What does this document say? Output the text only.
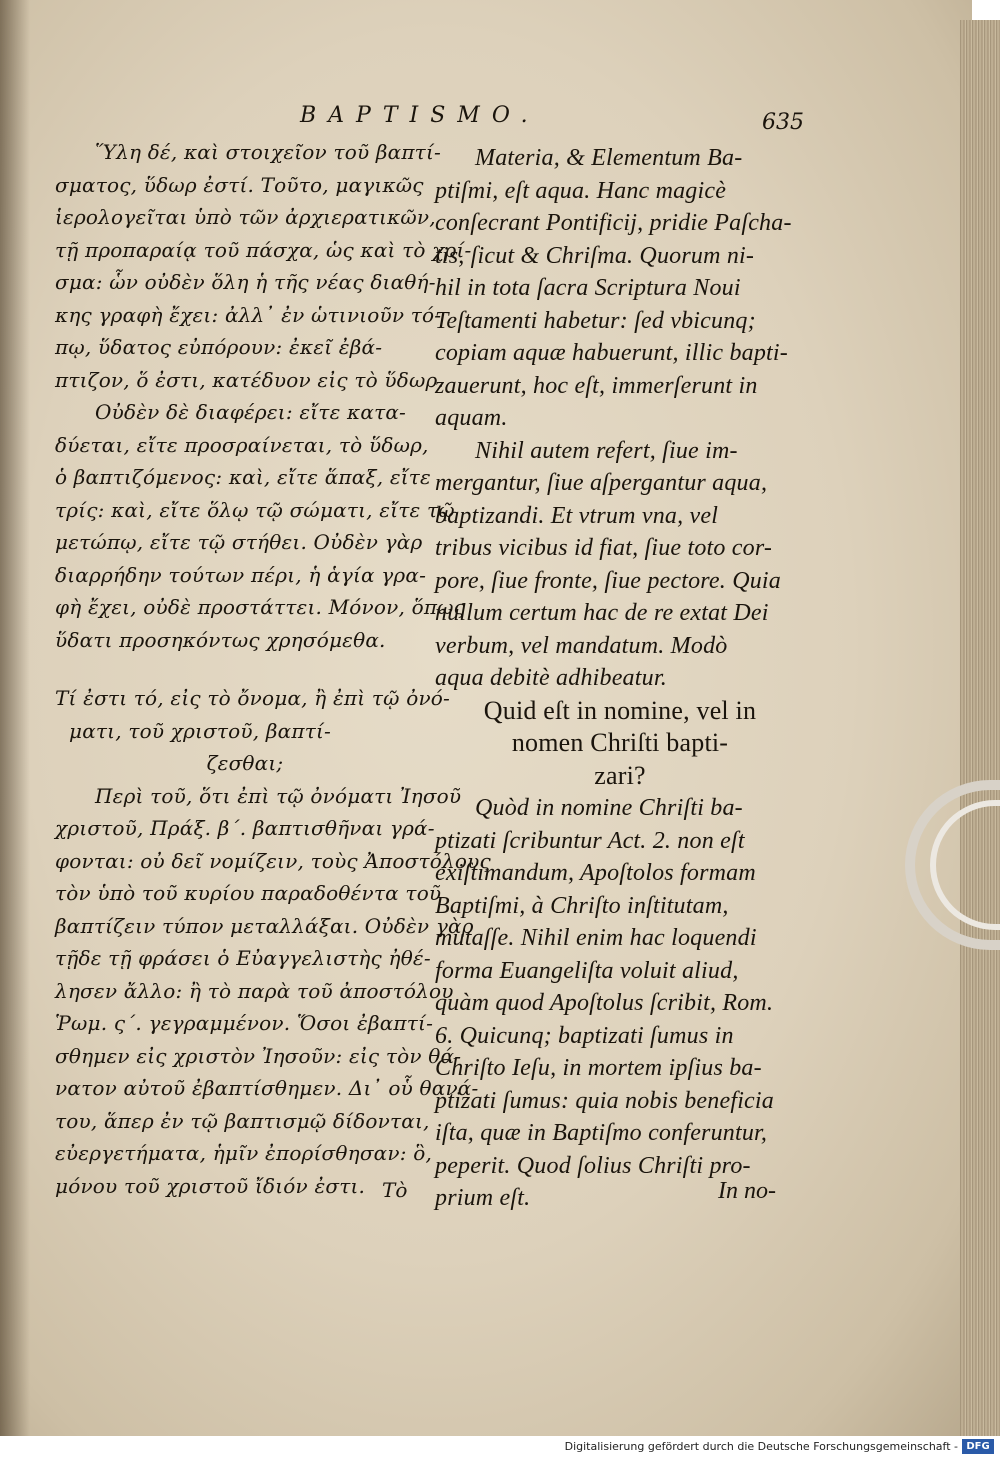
BAPTISMO.	635
Ὕλη δέ, καὶ στοιχεῖον τοῦ βαπτί-
σματος, ὕδωρ ἐστί. Τοῦτο, μαγικῶς
ἱερολογεῖται ὑπὸ τῶν ἀρχιερατικῶν,
τῇ προπαραίᾳ τοῦ πάσχα, ὡς καὶ τὸ χρί-
σμα: ὧν οὐδὲν ὅλη ἡ τῆς νέας διαθή-
κης γραφὴ ἔχει: ἀλλ᾽ ἐν ὡτινιοῦν τό-
πῳ, ὕδατος εὐπόρουν: ἐκεῖ ἐβά-
πτιζον, ὅ ἐστι, κατέδυον εἰς τὸ ὕδωρ.
Οὐδὲν δὲ διαφέρει: εἴτε κατα-
δύεται, εἴτε προσραίνεται, τὸ ὕδωρ,
ὁ βαπτιζόμενος: καὶ, εἴτε ἅπαξ, εἴτε
τρίς: καὶ, εἴτε ὅλῳ τῷ σώματι, εἴτε τῷ
μετώπῳ, εἴτε τῷ στήθει. Οὐδὲν γὰρ
διαρρήδην τούτων πέρι, ἡ ἁγία γρα-
φὴ ἔχει, οὐδὲ προστάττει. Μόνον, ὅπως
ὕδατι προσηκόντως χρησόμεθα.
Τί ἐστι τό, εἰς τὸ ὄνομα, ἢ ἐπὶ τῷ ὀνό-
ματι, τοῦ χριστοῦ, βαπτί-
ζεσθαι;
Περὶ τοῦ, ὅτι ἐπὶ τῷ ὀνόματι Ἰησοῦ
χριστοῦ, Πράξ. β΄. βαπτισθῆναι γρά-
φονται: οὐ δεῖ νομίζειν, τοὺς Ἀποστόλους
τὸν ὑπὸ τοῦ κυρίου παραδοθέντα τοῦ
βαπτίζειν τύπον μεταλλάξαι. Οὐδὲν γὰρ
τῇδε τῇ φράσει ὁ Εὐαγγελιστὴς ἠθέ-
λησεν ἄλλο: ἢ τὸ παρὰ τοῦ ἀποστόλου
Ῥωμ. ς΄. γεγραμμένον. Ὅσοι ἐβαπτί-
σθημεν εἰς χριστὸν Ἰησοῦν: εἰς τὸν θά-
νατον αὐτοῦ ἐβαπτίσθημεν. Δι᾽ οὗ θανά-
του, ἅπερ ἐν τῷ βαπτισμῷ δίδονται,
εὐεργετήματα, ἡμῖν ἐπορίσθησαν: ὃ,
μόνου τοῦ χριστοῦ ἴδιόν ἐστι.
Materia, & Elementum Ba-
ptiſmi, eſt aqua. Hanc magicè
conſecrant Pontificij, pridie Paſcha-
tis, ſicut & Chriſma. Quorum ni-
hil in tota ſacra Scriptura Noui
Teſtamenti habetur: ſed vbicunq;
copiam aquæ habuerunt, illic bapti-
zauerunt, hoc eſt, immerſerunt in
aquam.
Nihil autem refert, ſiue im-
mergantur, ſiue aſpergantur aqua,
baptizandi. Et vtrum vna, vel
tribus vicibus id fiat, ſiue toto cor-
pore, ſiue fronte, ſiue pectore. Quia
nullum certum hac de re extat Dei
verbum, vel mandatum. Modò
aqua debitè adhibeatur.
Quid eſt in nomine, vel in
nomen Chriſti bapti-
zari?
Quòd in nomine Chriſti ba-
ptizati ſcribuntur Act. 2. non eſt
exiſtimandum, Apoſtolos formam
Baptiſmi, à Chriſto inſtitutam,
mutaſſe. Nihil enim hac loquendi
forma Euangeliſta voluit aliud,
quàm quod Apoſtolus ſcribit, Rom.
6. Quicunq; baptizati ſumus in
Chriſto Ieſu, in mortem ipſius ba-
ptizati ſumus: quia nobis beneficia
iſta, quæ in Baptiſmo conferuntur,
peperit. Quod ſolius Chriſti pro-
prium eſt.
Τὸ	In no-
Digitalisierung gefördert durch die Deutsche Forschungsgemeinschaft - DFG
